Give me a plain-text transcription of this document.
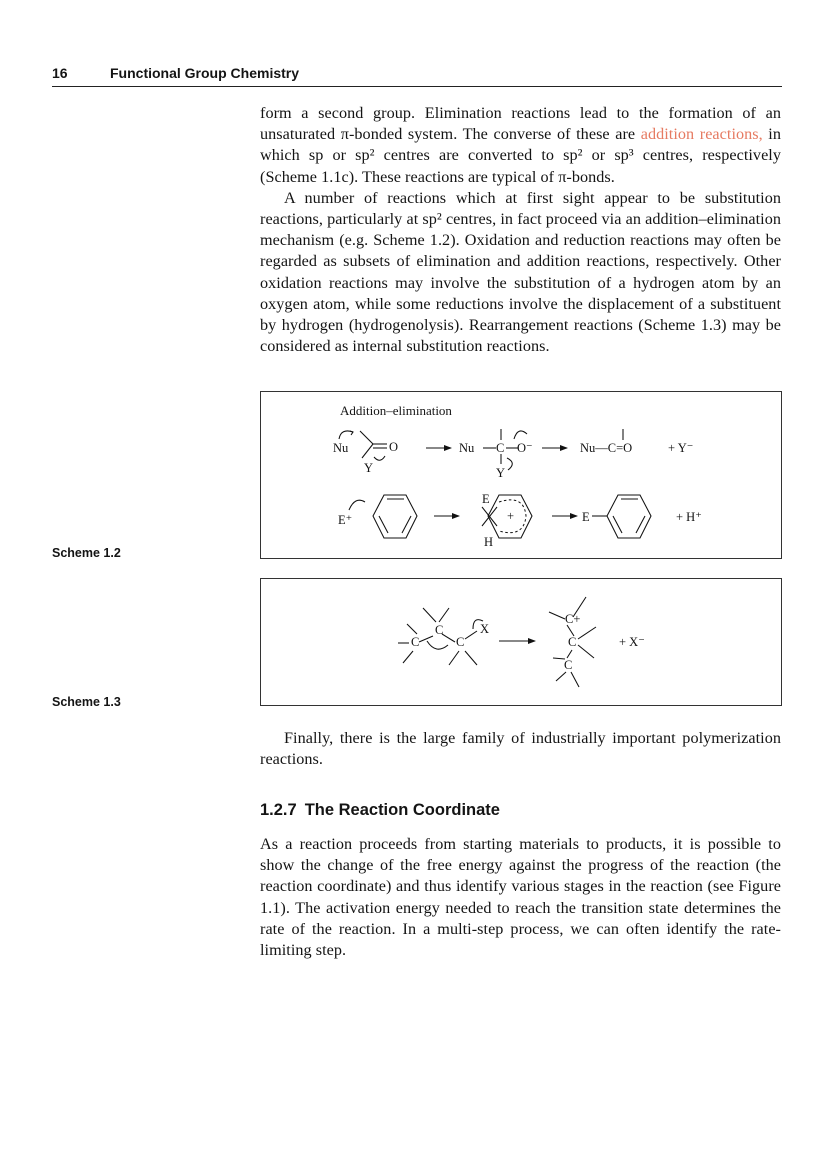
16	Functional Group Chemistry

form a second group. Elimination reactions lead to the formation of an unsaturated π-bonded system. The converse of these are addition reactions, in which sp or sp² centres are converted to sp² or sp³ centres, respectively (Scheme 1.1c). These reactions are typical of π-bonds.

A number of reactions which at first sight appear to be substitution reactions, particularly at sp² centres, in fact proceed via an addition–elimination mechanism (e.g. Scheme 1.2). Oxidation and reduction reactions may often be regarded as subsets of elimination and addition reactions, respectively. Other oxidation reactions may involve the substitution of a hydrogen atom by an oxygen atom, while some reductions involve the displacement of a substituent by hydrogen (hydrogenolysis). Rearrangement reactions (Scheme 1.3) may be considered as internal substitution reactions.

Addition–elimination
Nu	O
Y
Nu C O⁻
Y
Nu—C=O	+ Y⁻
E⁺
E
H
+	E	+ H⁺
Scheme 1.2
C
C	C
X
C+
C
C
+ X⁻
Scheme 1.3

Finally, there is the large family of industrially important polymerization reactions.

1.2.7 The Reaction Coordinate

As a reaction proceeds from starting materials to products, it is possible to show the change of the free energy against the progress of the reaction (the reaction coordinate) and thus identify various stages in the reaction (see Figure 1.1). The activation energy needed to reach the transition state determines the rate of the reaction. In a multi-step process, we can often identify the rate-limiting step.
